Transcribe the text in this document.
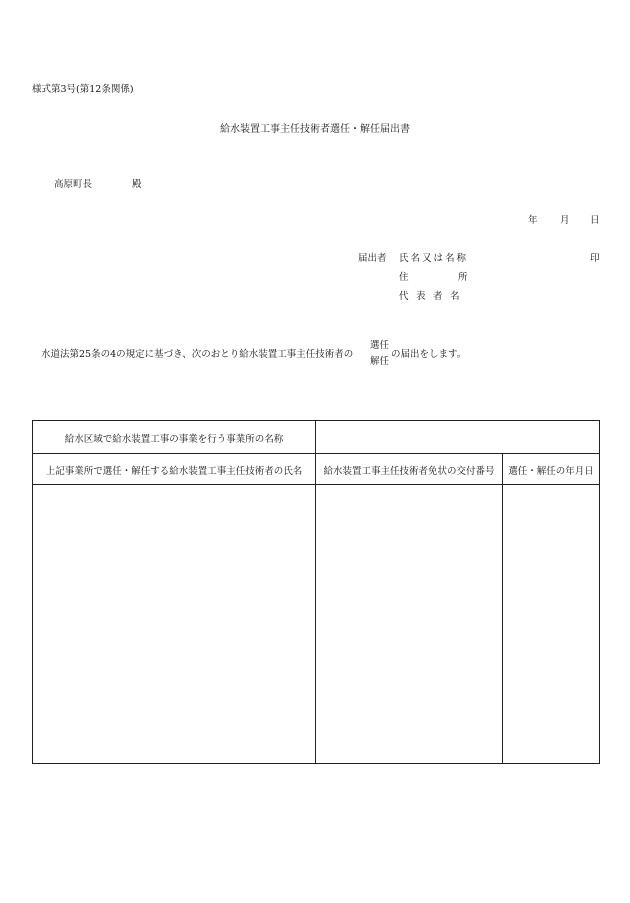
様式第3号(第12条関係)
給水装置工事主任技術者選任・解任届出書
高原町長	殿
年 月 日
届出者 氏名又は名称	印
住	所
代表者名
水道法第25条の4の規定に基づき、次のおとり給水装置工事主任技術者の
選任
解任
の届出をします。
給水区域で給水装置工事の事業を行う事業所の名称
上記事業所で選任・解任する給水装置工事主任技術者の氏名	給水装置工事主任技術者免状の交付番号	選任・解任の年月日
